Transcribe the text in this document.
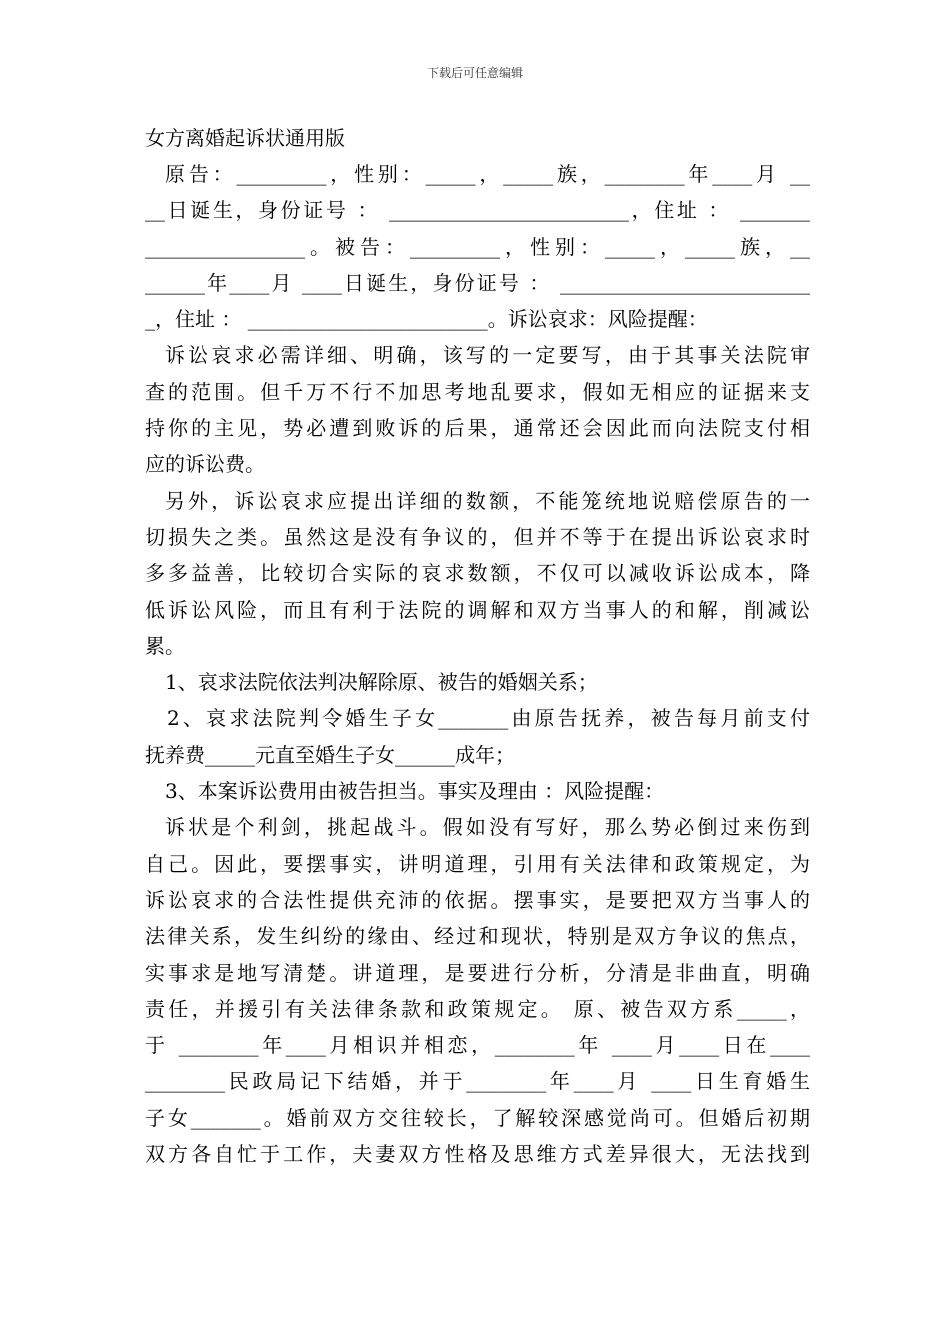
下载后可任意编辑
女方离婚起诉状通用版
原告：_________，性别：_____，_____族，________年____月 __
__日诞生，身份证号 ： ________________________，住址 ： _______
________________。被告：_________，性别：_____，_____族，__
______年____月 ____日诞生，身份证号 ： _________________________
_，住址 ： ________________________。诉讼哀求：风险提醒：
诉讼哀求必需详细、明确，该写的一定要写，由于其事关法院审
查的范围。但千万不行不加思考地乱要求，假如无相应的证据来支
持你的主见，势必遭到败诉的后果，通常还会因此而向法院支付相
应的诉讼费。
另外，诉讼哀求应提出详细的数额，不能笼统地说赔偿原告的一
切损失之类。虽然这是没有争议的，但并不等于在提出诉讼哀求时
多多益善，比较切合实际的哀求数额，不仅可以减收诉讼成本，降
低诉讼风险，而且有利于法院的调解和双方当事人的和解，削减讼
累。
1、哀求法院依法判决解除原、被告的婚姻关系；
2、哀求法院判令婚生子女_______由原告抚养，被告每月前支付
抚养费_____元直至婚生子女______成年；
3、本案诉讼费用由被告担当。事实及理由 ：风险提醒：
诉状是个利剑，挑起战斗。假如没有写好，那么势必倒过来伤到
自己。因此，要摆事实，讲明道理，引用有关法律和政策规定，为
诉讼哀求的合法性提供充沛的依据。摆事实，是要把双方当事人的
法律关系，发生纠纷的缘由、经过和现状，特别是双方争议的焦点，
实事求是地写清楚。讲道理，是要进行分析，分清是非曲直，明确
责任，并援引有关法律条款和政策规定。 原、被告双方系_____，
于 ________年____月相识并相恋，________年 ____月____日在____
________民政局记下结婚，并于________年____月 ____日生育婚生
子女_______。婚前双方交往较长，了解较深感觉尚可。但婚后初期
双方各自忙于工作，夫妻双方性格及思维方式差异很大，无法找到
